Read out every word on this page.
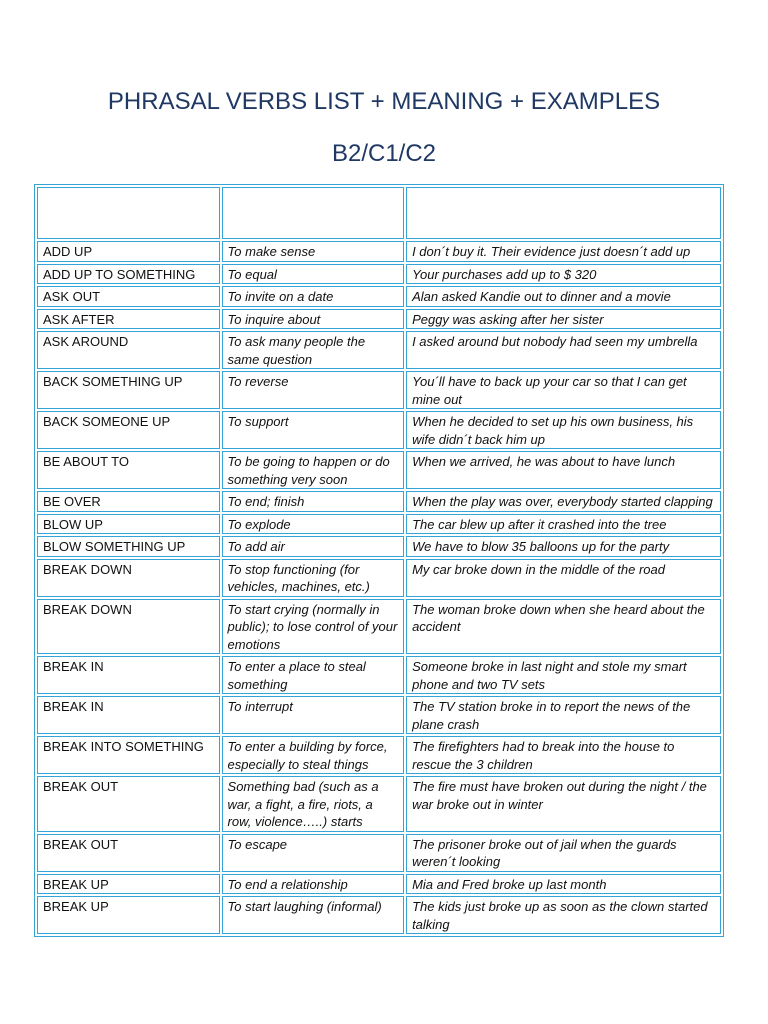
PHRASAL VERBS LIST + MEANING + EXAMPLES
B2/C1/C2

ADD UP	To make sense	I don´t buy it. Their evidence just doesn´t add up
ADD UP TO SOMETHING	To equal	Your purchases add up to $ 320
ASK OUT	To invite on a date	Alan asked Kandie out to dinner and a movie
ASK AFTER	To inquire about	Peggy was asking after her sister
ASK AROUND	To ask many people the same question	I asked around but nobody had seen my umbrella
BACK SOMETHING UP	To reverse	You´ll have to back up your car so that I can get mine out
BACK SOMEONE UP	To support	When he decided to set up his own business, his wife didn´t back him up
BE ABOUT TO	To be going to happen or do something very soon	When we arrived, he was about to have lunch
BE OVER	To end; finish	When the play was over, everybody started clapping
BLOW UP	To explode	The car blew up after it crashed into the tree
BLOW SOMETHING UP	To add air	We have to blow 35 balloons up for the party
BREAK DOWN	To stop functioning (for vehicles, machines, etc.)	My car broke down in the middle of the road
BREAK DOWN	To start crying (normally in public); to lose control of your emotions	The woman broke down when she heard about the accident
BREAK IN	To enter a place to steal something	Someone broke in last night and stole my smart phone and two TV sets
BREAK IN	To interrupt	The TV station broke in to report the news of the plane crash
BREAK INTO SOMETHING	To enter a building by force, especially to steal things	The firefighters had to break into the house to rescue the 3 children
BREAK OUT	Something bad (such as a war, a fight, a fire, riots, a row, violence…..) starts	The fire must have broken out during the night / the war broke out in winter
BREAK OUT	To escape	The prisoner broke out of jail when the guards weren´t looking
BREAK UP	To end a relationship	Mia and Fred broke up last month
BREAK UP	To start laughing (informal)	The kids just broke up as soon as the clown started talking
